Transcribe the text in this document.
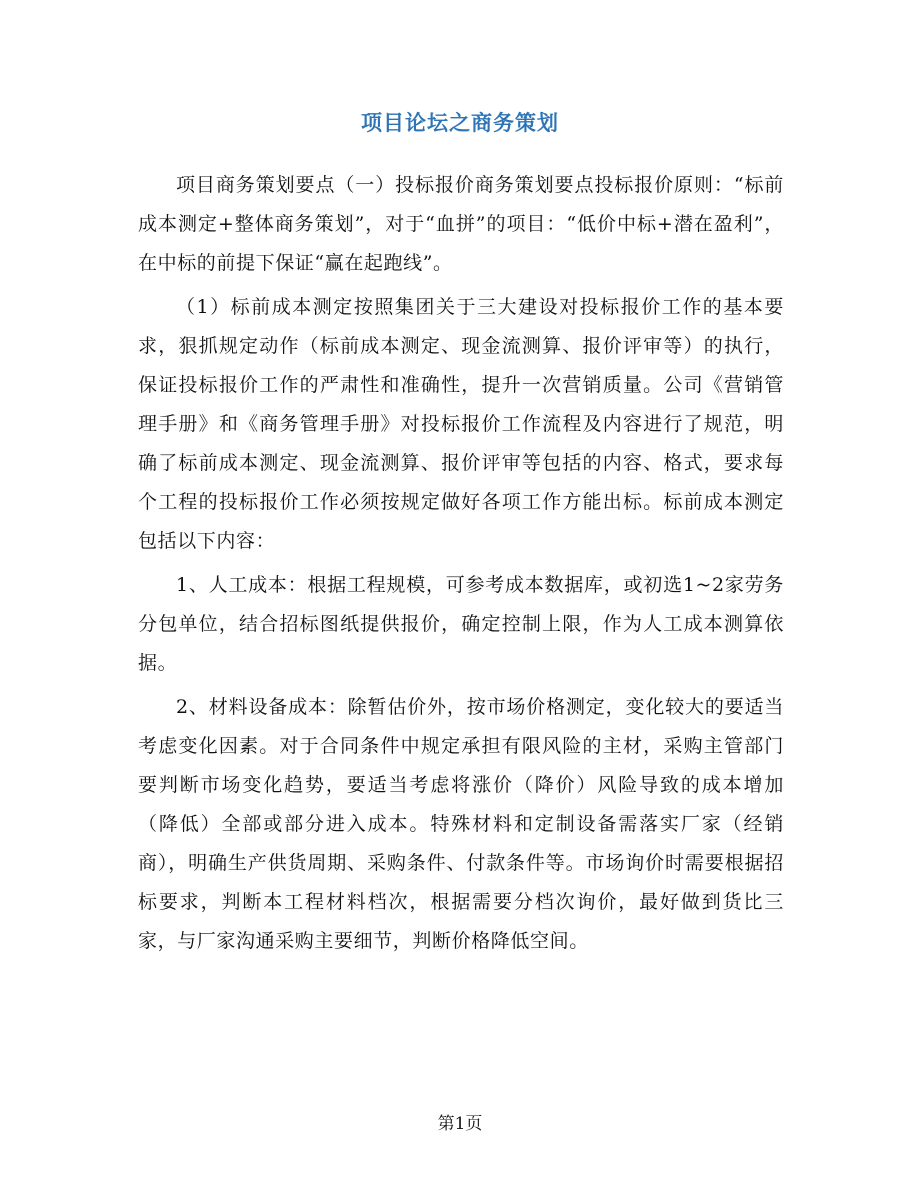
项目论坛之商务策划

项目商务策划要点（一）投标报价商务策划要点投标报价原则：“标前成本测定+整体商务策划”，对于“血拼”的项目：“低价中标+潜在盈利”，在中标的前提下保证“赢在起跑线”。

（1）标前成本测定按照集团关于三大建设对投标报价工作的基本要求，狠抓规定动作（标前成本测定、现金流测算、报价评审等）的执行，保证投标报价工作的严肃性和准确性，提升一次营销质量。公司《营销管理手册》和《商务管理手册》对投标报价工作流程及内容进行了规范，明确了标前成本测定、现金流测算、报价评审等包括的内容、格式，要求每个工程的投标报价工作必须按规定做好各项工作方能出标。标前成本测定包括以下内容：

1、人工成本：根据工程规模，可参考成本数据库，或初选1~2家劳务分包单位，结合招标图纸提供报价，确定控制上限，作为人工成本测算依据。

2、材料设备成本：除暂估价外，按市场价格测定，变化较大的要适当考虑变化因素。对于合同条件中规定承担有限风险的主材，采购主管部门要判断市场变化趋势，要适当考虑将涨价（降价）风险导致的成本增加（降低）全部或部分进入成本。特殊材料和定制设备需落实厂家（经销商），明确生产供货周期、采购条件、付款条件等。市场询价时需要根据招标要求，判断本工程材料档次，根据需要分档次询价，最好做到货比三家，与厂家沟通采购主要细节，判断价格降低空间。

第1页
